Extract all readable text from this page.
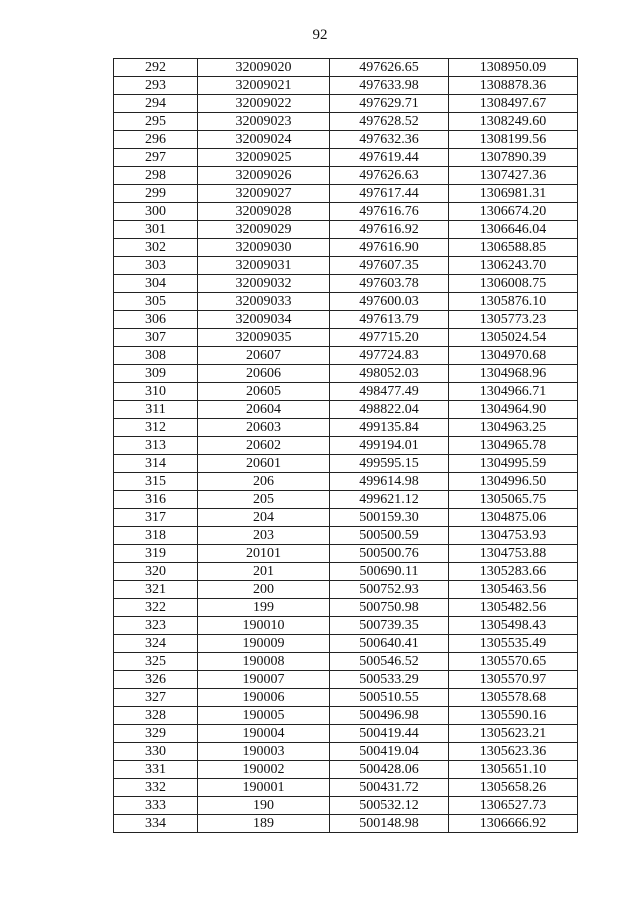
92
292	32009020	497626.65	1308950.09
293	32009021	497633.98	1308878.36
294	32009022	497629.71	1308497.67
295	32009023	497628.52	1308249.60
296	32009024	497632.36	1308199.56
297	32009025	497619.44	1307890.39
298	32009026	497626.63	1307427.36
299	32009027	497617.44	1306981.31
300	32009028	497616.76	1306674.20
301	32009029	497616.92	1306646.04
302	32009030	497616.90	1306588.85
303	32009031	497607.35	1306243.70
304	32009032	497603.78	1306008.75
305	32009033	497600.03	1305876.10
306	32009034	497613.79	1305773.23
307	32009035	497715.20	1305024.54
308	20607	497724.83	1304970.68
309	20606	498052.03	1304968.96
310	20605	498477.49	1304966.71
311	20604	498822.04	1304964.90
312	20603	499135.84	1304963.25
313	20602	499194.01	1304965.78
314	20601	499595.15	1304995.59
315	206	499614.98	1304996.50
316	205	499621.12	1305065.75
317	204	500159.30	1304875.06
318	203	500500.59	1304753.93
319	20101	500500.76	1304753.88
320	201	500690.11	1305283.66
321	200	500752.93	1305463.56
322	199	500750.98	1305482.56
323	190010	500739.35	1305498.43
324	190009	500640.41	1305535.49
325	190008	500546.52	1305570.65
326	190007	500533.29	1305570.97
327	190006	500510.55	1305578.68
328	190005	500496.98	1305590.16
329	190004	500419.44	1305623.21
330	190003	500419.04	1305623.36
331	190002	500428.06	1305651.10
332	190001	500431.72	1305658.26
333	190	500532.12	1306527.73
334	189	500148.98	1306666.92
